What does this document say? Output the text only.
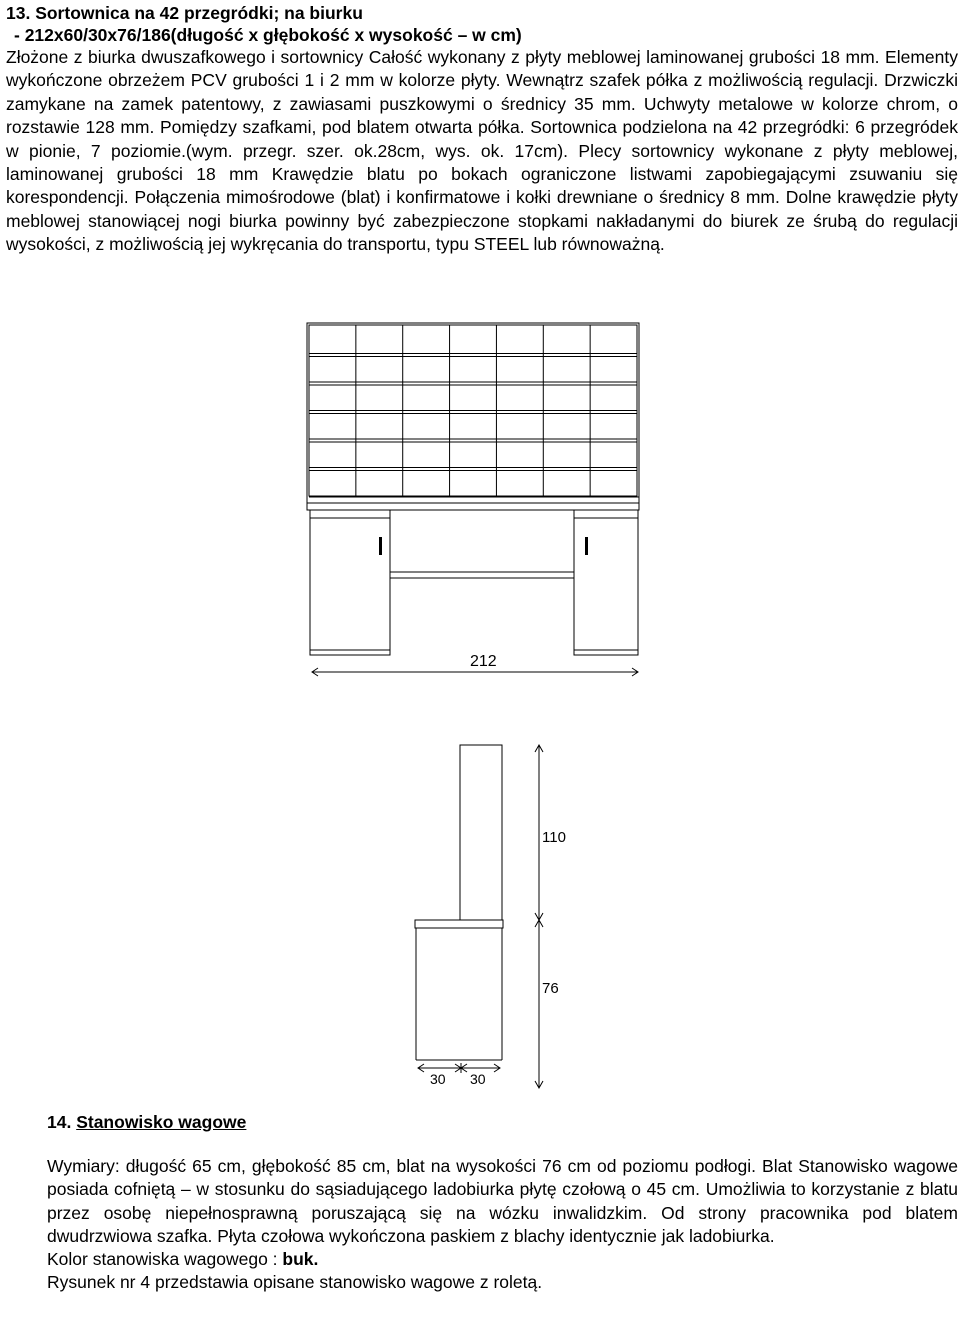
13. Sortownica na 42 przegródki; na biurku

- 212x60/30x76/186(długość x głębokość x wysokość – w cm)

Złożone z biurka dwuszafkowego i sortownicy Całość wykonany z płyty meblowej laminowanej grubości 18 mm. Elementy wykończone obrzeżem PCV grubości 1 i 2 mm w kolorze płyty. Wewnątrz szafek półka z możliwością regulacji. Drzwiczki zamykane na zamek patentowy, z zawiasami puszkowymi o średnicy 35 mm. Uchwyty metalowe w kolorze chrom, o rozstawie 128 mm. Pomiędzy szafkami, pod blatem otwarta półka. Sortownica podzielona na 42 przegródki: 6 przegródek w pionie, 7 poziomie.(wym. przegr. szer. ok.28cm, wys. ok. 17cm). Plecy sortownicy wykonane z płyty meblowej, laminowanej grubości 18 mm Krawędzie blatu po bokach ograniczone listwami zapobiegającymi zsuwaniu się korespondencji. Połączenia mimośrodowe (blat) i konfirmatowe i kołki drewniane o średnicy 8 mm. Dolne krawędzie płyty meblowej stanowiącej nogi biurka powinny być zabezpieczone stopkami nakładanymi do biurek ze śrubą do regulacji wysokości, z możliwością jej wykręcania do transportu, typu STEEL lub równoważną.

212
110
76
30 30

14. Stanowisko wagowe

Wymiary: długość 65 cm, głębokość 85 cm, blat na wysokości 76 cm od poziomu podłogi. Blat Stanowisko wagowe posiada cofniętą – w stosunku do sąsiadującego ladobiurka płytę czołową o 45 cm. Umożliwia to korzystanie z blatu przez osobę niepełnosprawną poruszającą się na wózku inwalidzkim. Od strony pracownika pod blatem dwudrzwiowa szafka. Płyta czołowa wykończona paskiem z blachy identycznie jak ladobiurka.

Kolor stanowiska wagowego : buk.

Rysunek nr 4 przedstawia opisane stanowisko wagowe z roletą.
